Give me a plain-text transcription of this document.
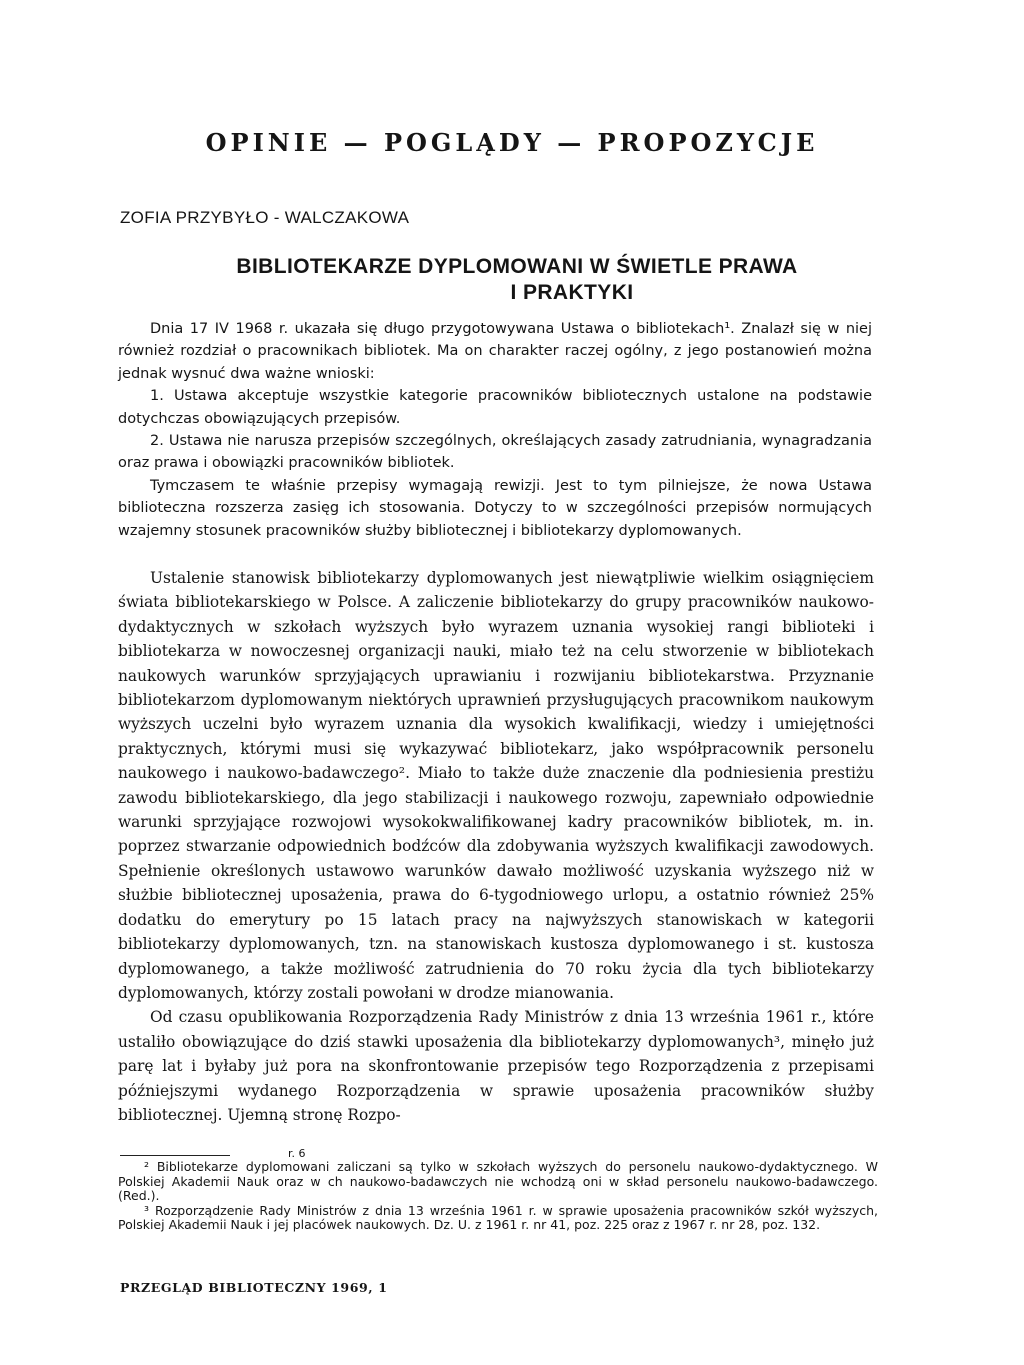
OPINIE — POGLĄDY — PROPOZYCJE

ZOFIA PRZYBYŁO - WALCZAKOWA

BIBLIOTEKARZE DYPLOMOWANI W ŚWIETLE PRAWA
I PRAKTYKI

Dnia 17 IV 1968 r. ukazała się długo przygotowywana Ustawa o bibliotekach¹. Znalazł się w niej również rozdział o pracownikach bibliotek. Ma on charakter raczej ogólny, z jego postanowień można jednak wysnuć dwa ważne wnioski:

1. Ustawa akceptuje wszystkie kategorie pracowników bibliotecznych ustalone na podstawie dotychczas obowiązujących przepisów.

2. Ustawa nie narusza przepisów szczególnych, określających zasady zatrudniania, wynagradzania oraz prawa i obowiązki pracowników bibliotek.

Tymczasem te właśnie przepisy wymagają rewizji. Jest to tym pilniejsze, że nowa Ustawa biblioteczna rozszerza zasięg ich stosowania. Dotyczy to w szczególności przepisów normujących wzajemny stosunek pracowników służby bibliotecznej i bibliotekarzy dyplomowanych.

Ustalenie stanowisk bibliotekarzy dyplomowanych jest niewątpliwie wielkim osiągnięciem świata bibliotekarskiego w Polsce. A zaliczenie bibliotekarzy do grupy pracowników naukowo-dydaktycznych w szkołach wyższych było wyrazem uznania wysokiej rangi biblioteki i bibliotekarza w nowoczesnej organizacji nauki, miało też na celu stworzenie w bibliotekach naukowych warunków sprzyjających uprawianiu i rozwijaniu bibliotekarstwa. Przyznanie bibliotekarzom dyplomowanym niektórych uprawnień przysługujących pracownikom naukowym wyższych uczelni było wyrazem uznania dla wysokich kwalifikacji, wiedzy i umiejętności praktycznych, którymi musi się wykazywać bibliotekarz, jako współpracownik personelu naukowego i naukowo-badawczego². Miało to także duże znaczenie dla podniesienia prestiżu zawodu bibliotekarskiego, dla jego stabilizacji i naukowego rozwoju, zapewniało odpowiednie warunki sprzyjające rozwojowi wysokokwalifikowanej kadry pracowników bibliotek, m. in. poprzez stwarzanie odpowiednich bodźców dla zdobywania wyższych kwalifikacji zawodowych. Spełnienie określonych ustawowo warunków dawało możliwość uzyskania wyższego niż w służbie bibliotecznej uposażenia, prawa do 6-tygodniowego urlopu, a ostatnio również 25% dodatku do emerytury po 15 latach pracy na najwyższych stanowiskach w kategorii bibliotekarzy dyplomowanych, tzn. na stanowiskach kustosza dyplomowanego i st. kustosza dyplomowanego, a także możliwość zatrudnienia do 70 roku życia dla tych bibliotekarzy dyplomowanych, którzy zostali powołani w drodze mianowania.

Od czasu opublikowania Rozporządzenia Rady Ministrów z dnia 13 września 1961 r., które ustaliło obowiązujące do dziś stawki uposażenia dla bibliotekarzy dyplomowanych³, minęło już parę lat i byłaby już pora na skonfrontowanie przepisów tego Rozporządzenia z przepisami późniejszymi wydanego Rozporządzenia w sprawie uposażenia pracowników służby bibliotecznej. Ujemną stronę Rozpo-

r. 6

² Bibliotekarze dyplomowani zaliczani są tylko w szkołach wyższych do personelu naukowo-dydaktycznego. W Polskiej Akademii Nauk oraz w ch naukowo-badawczych nie wchodzą oni w skład personelu naukowo-badawczego. (Red.).

³ Rozporządzenie Rady Ministrów z dnia 13 września 1961 r. w sprawie uposażenia pracowników szkół wyższych, Polskiej Akademii Nauk i jej placówek naukowych. Dz. U. z 1961 r. nr 41, poz. 225 oraz z 1967 r. nr 28, poz. 132.

PRZEGLĄD BIBLIOTECZNY 1969, 1
